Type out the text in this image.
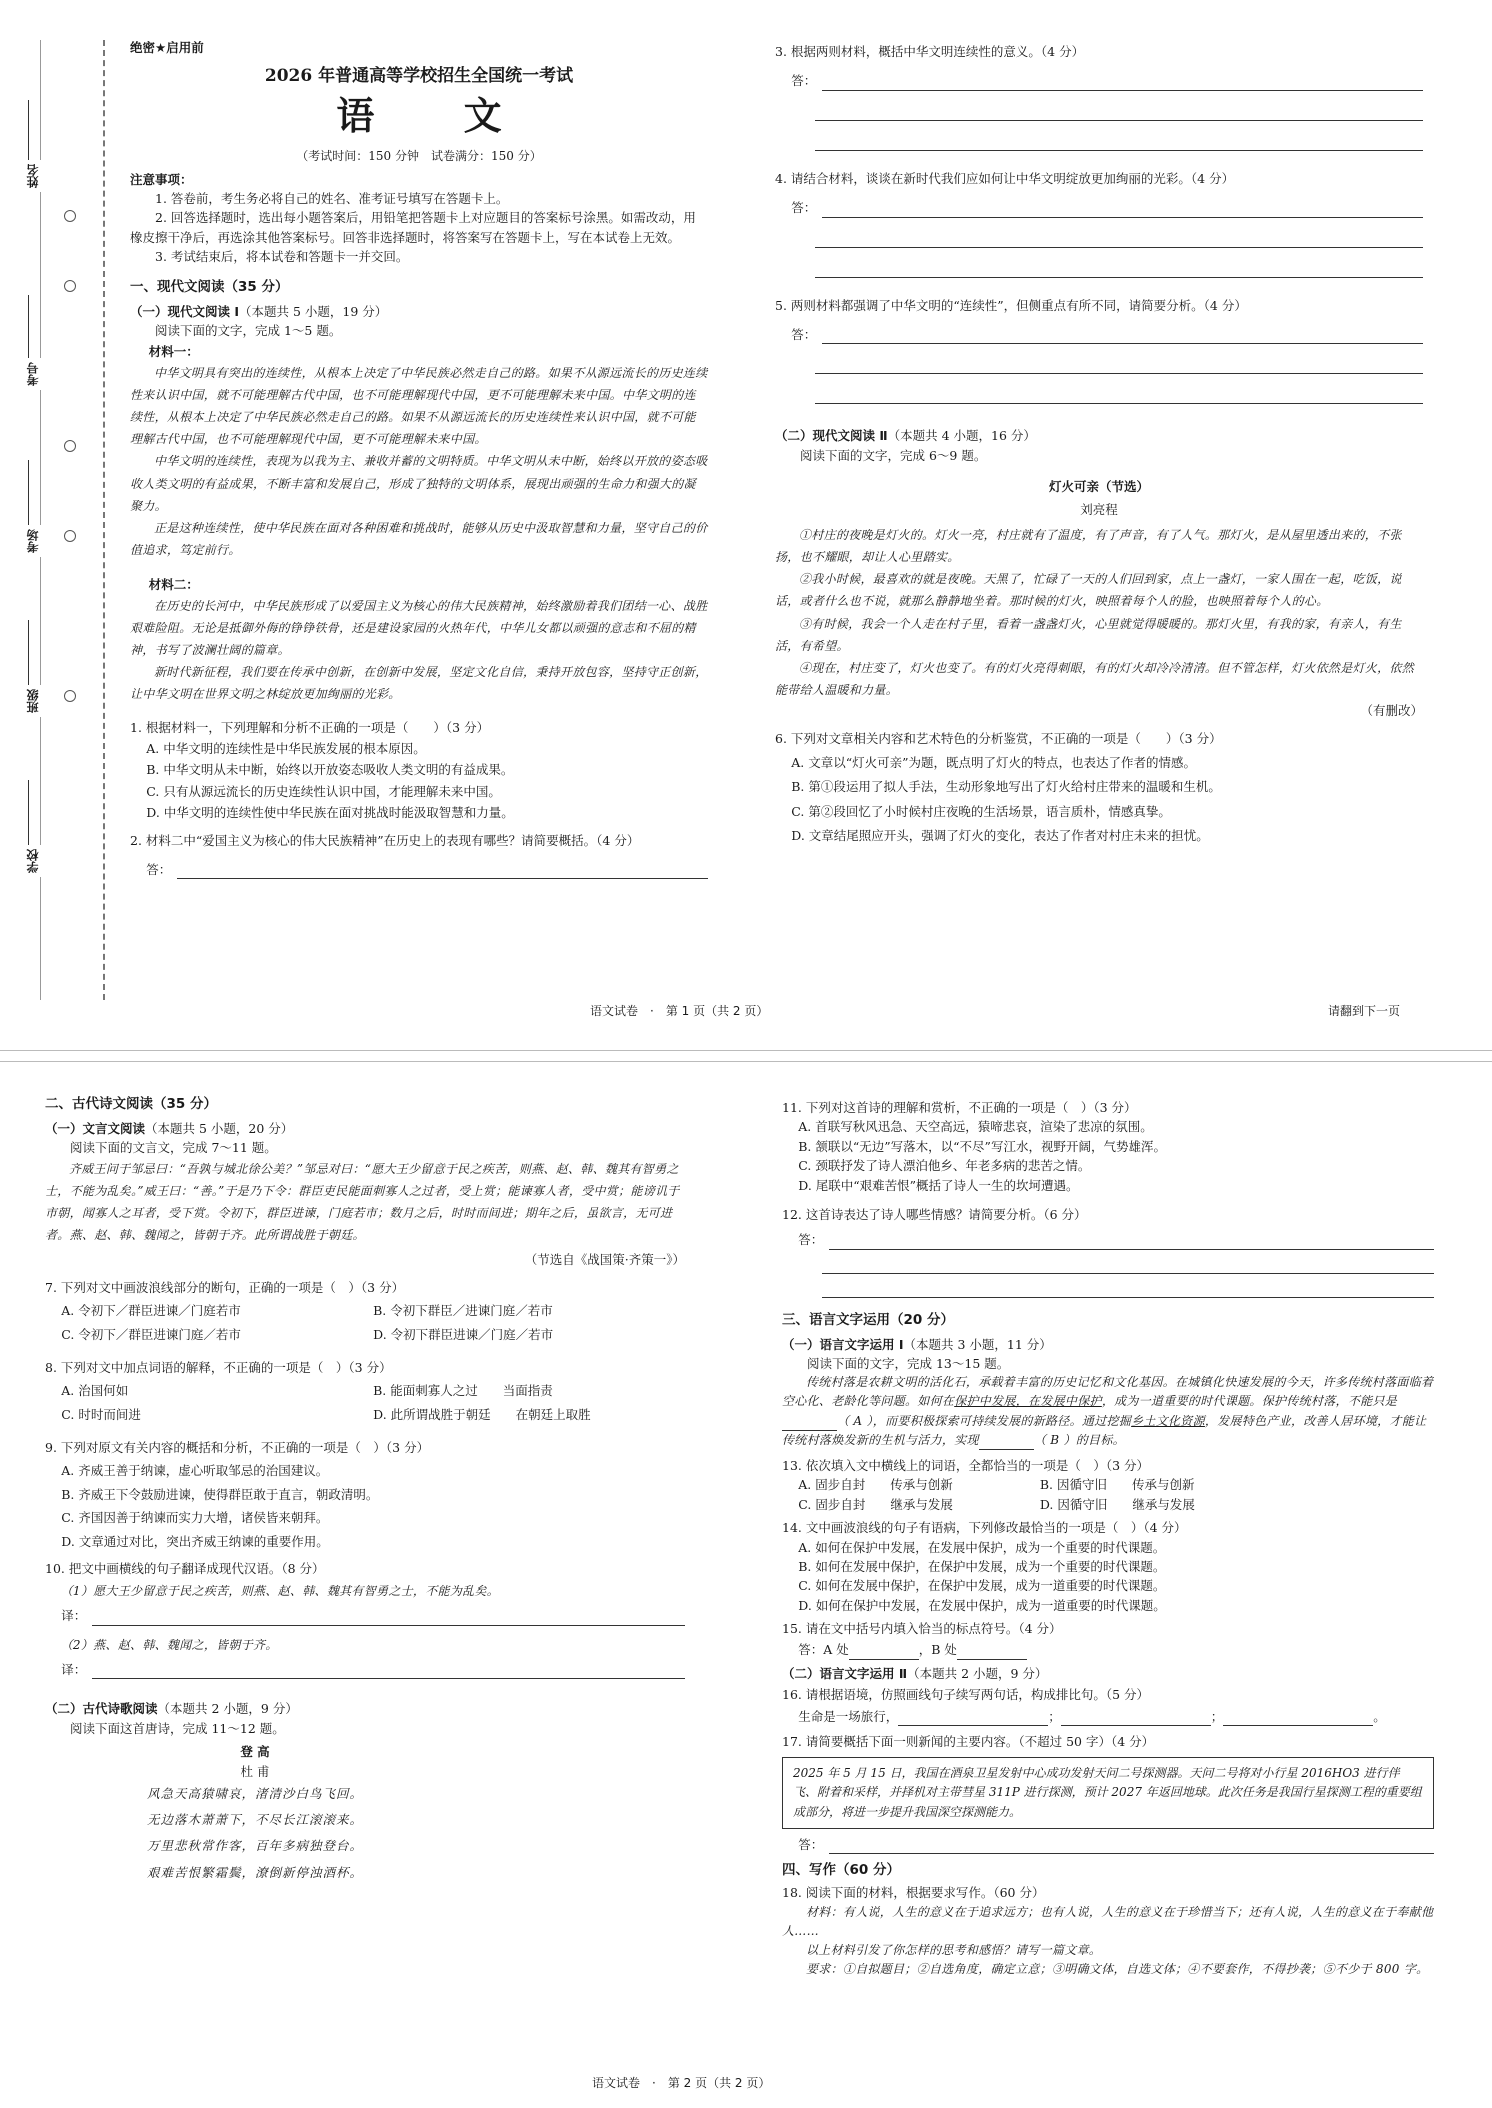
姓名
考号
考场
班级
学校
绝密★启用前
2026 年普通高等学校招生全国统一考试
语 文
（考试时间：150 分钟　试卷满分：150 分）
注意事项：
1. 答卷前，考生务必将自己的姓名、准考证号填写在答题卡上。
2. 回答选择题时，选出每小题答案后，用铅笔把答题卡上对应题目的答案标号涂黑。如需改动，用橡皮擦干净后，再选涂其他答案标号。回答非选择题时，将答案写在答题卡上，写在本试卷上无效。
3. 考试结束后，将本试卷和答题卡一并交回。
一、现代文阅读（35 分）
（一）现代文阅读 Ⅰ（本题共 5 小题，19 分）
阅读下面的文字，完成 1～5 题。
材料一：
中华文明具有突出的连续性，从根本上决定了中华民族必然走自己的路。如果不从源远流长的历史连续性来认识中国，就不可能理解古代中国，也不可能理解现代中国，更不可能理解未来中国。中华文明的连续性，从根本上决定了中华民族必然走自己的路。如果不从源远流长的历史连续性来认识中国，就不可能理解古代中国，也不可能理解现代中国，更不可能理解未来中国。
中华文明的连续性，表现为以我为主、兼收并蓄的文明特质。中华文明从未中断，始终以开放的姿态吸收人类文明的有益成果，不断丰富和发展自己，形成了独特的文明体系，展现出顽强的生命力和强大的凝聚力。
正是这种连续性，使中华民族在面对各种困难和挑战时，能够从历史中汲取智慧和力量，坚守自己的价值追求，笃定前行。
材料二：
在历史的长河中，中华民族形成了以爱国主义为核心的伟大民族精神，始终激励着我们团结一心、战胜艰难险阻。无论是抵御外侮的铮铮铁骨，还是建设家园的火热年代，中华儿女都以顽强的意志和不屈的精神，书写了波澜壮阔的篇章。
新时代新征程，我们要在传承中创新，在创新中发展，坚定文化自信，秉持开放包容，坚持守正创新，让中华文明在世界文明之林绽放更加绚丽的光彩。
1. 根据材料一，下列理解和分析不正确的一项是（　　）（3 分）
A. 中华文明的连续性是中华民族发展的根本原因。
B. 中华文明从未中断，始终以开放姿态吸收人类文明的有益成果。
C. 只有从源远流长的历史连续性认识中国，才能理解未来中国。
D. 中华文明的连续性使中华民族在面对挑战时能汲取智慧和力量。
2. 材料二中“爱国主义为核心的伟大民族精神”在历史上的表现有哪些？请简要概括。（4 分）
答：
3. 根据两则材料，概括中华文明连续性的意义。（4 分）
答：
4. 请结合材料，谈谈在新时代我们应如何让中华文明绽放更加绚丽的光彩。（4 分）
答：
5. 两则材料都强调了中华文明的“连续性”，但侧重点有所不同，请简要分析。（4 分）
答：
（二）现代文阅读 Ⅱ（本题共 4 小题，16 分）
阅读下面的文字，完成 6～9 题。
灯火可亲（节选）
刘亮程
①村庄的夜晚是灯火的。灯火一亮，村庄就有了温度，有了声音，有了人气。那灯火，是从屋里透出来的，不张扬，也不耀眼，却让人心里踏实。
②我小时候，最喜欢的就是夜晚。天黑了，忙碌了一天的人们回到家，点上一盏灯，一家人围在一起，吃饭，说话，或者什么也不说，就那么静静地坐着。那时候的灯火，映照着每个人的脸，也映照着每个人的心。
③有时候，我会一个人走在村子里，看着一盏盏灯火，心里就觉得暖暖的。那灯火里，有我的家，有亲人，有生活，有希望。
④现在，村庄变了，灯火也变了。有的灯火亮得刺眼，有的灯火却冷冷清清。但不管怎样，灯火依然是灯火，依然能带给人温暖和力量。
（有删改）
6. 下列对文章相关内容和艺术特色的分析鉴赏，不正确的一项是（　　）（3 分）
A. 文章以“灯火可亲”为题，既点明了灯火的特点，也表达了作者的情感。
B. 第①段运用了拟人手法，生动形象地写出了灯火给村庄带来的温暖和生机。
C. 第②段回忆了小时候村庄夜晚的生活场景，语言质朴，情感真挚。
D. 文章结尾照应开头，强调了灯火的变化，表达了作者对村庄未来的担忧。
语文试卷　·　第 1 页（共 2 页）	请翻到下一页
二、古代诗文阅读（35 分）
（一）文言文阅读（本题共 5 小题，20 分）
阅读下面的文言文，完成 7～11 题。
齐威王问于邹忌曰：“吾孰与城北徐公美？”邹忌对曰：“愿大王少留意于民之疾苦，则燕、赵、韩、魏其有智勇之士，不能为乱矣。”威王曰：“善。”于是乃下令：群臣吏民能面刺寡人之过者，受上赏；能谏寡人者，受中赏；能谤讥于市朝，闻寡人之耳者，受下赏。令初下，群臣进谏，门庭若市；数月之后，时时而间进；期年之后，虽欲言，无可进者。燕、赵、韩、魏闻之，皆朝于齐。此所谓战胜于朝廷。
（节选自《战国策·齐策一》）
7. 下列对文中画波浪线部分的断句，正确的一项是（　）（3 分）
A. 令初下／群臣进谏／门庭若市	B. 令初下群臣／进谏门庭／若市
C. 令初下／群臣进谏门庭／若市	D. 令初下群臣进谏／门庭／若市
8. 下列对文中加点词语的解释，不正确的一项是（　）（3 分）
A. 治国何如	B. 能面刺寡人之过　　当面指责
C. 时时而间进	D. 此所谓战胜于朝廷　　在朝廷上取胜
9. 下列对原文有关内容的概括和分析，不正确的一项是（　）（3 分）
A. 齐威王善于纳谏，虚心听取邹忌的治国建议。
B. 齐威王下令鼓励进谏，使得群臣敢于直言，朝政清明。
C. 齐国因善于纳谏而实力大增，诸侯皆来朝拜。
D. 文章通过对比，突出齐威王纳谏的重要作用。
10. 把文中画横线的句子翻译成现代汉语。（8 分）
（1）愿大王少留意于民之疾苦，则燕、赵、韩、魏其有智勇之士，不能为乱矣。
译：
（2）燕、赵、韩、魏闻之，皆朝于齐。
译：
（二）古代诗歌阅读（本题共 2 小题，9 分）
阅读下面这首唐诗，完成 11～12 题。
登 高
杜 甫
风急天高猿啸哀，渚清沙白鸟飞回。
无边落木萧萧下，不尽长江滚滚来。
万里悲秋常作客，百年多病独登台。
艰难苦恨繁霜鬓，潦倒新停浊酒杯。
11. 下列对这首诗的理解和赏析，不正确的一项是（　）（3 分）
A. 首联写秋风迅急、天空高远，猿啼悲哀，渲染了悲凉的氛围。
B. 颔联以“无边”写落木，以“不尽”写江水，视野开阔，气势雄浑。
C. 颈联抒发了诗人漂泊他乡、年老多病的悲苦之情。
D. 尾联中“艰难苦恨”概括了诗人一生的坎坷遭遇。
12. 这首诗表达了诗人哪些情感？请简要分析。（6 分）
答：
三、语言文字运用（20 分）
（一）语言文字运用 Ⅰ（本题共 3 小题，11 分）
阅读下面的文字，完成 13～15 题。
传统村落是农耕文明的活化石，承载着丰富的历史记忆和文化基因。在城镇化快速发展的今天，许多传统村落面临着空心化、老龄化等问题。如何在保护中发展，在发展中保护，成为一道重要的时代课题。保护传统村落，不能只是（ A ），而要积极探索可持续发展的新路径。通过挖掘乡土文化资源，发展特色产业，改善人居环境，才能让传统村落焕发新的生机与活力，实现	（ B ）的目标。
13. 依次填入文中横线上的词语，全都恰当的一项是（　）（3 分）
A. 固步自封　　传承与创新	B. 因循守旧　　传承与创新
C. 固步自封　　继承与发展	D. 因循守旧　　继承与发展
14. 文中画波浪线的句子有语病，下列修改最恰当的一项是（　）（4 分）
A. 如何在保护中发展，在发展中保护，成为一个重要的时代课题。
B. 如何在发展中保护，在保护中发展，成为一个重要的时代课题。
C. 如何在发展中保护，在保护中发展，成为一道重要的时代课题。
D. 如何在保护中发展，在发展中保护，成为一道重要的时代课题。
15. 请在文中括号内填入恰当的标点符号。（4 分）
答：A 处	，B 处
（二）语言文字运用 Ⅱ（本题共 2 小题，9 分）
16. 请根据语境，仿照画线句子续写两句话，构成排比句。（5 分）
生命是一场旅行，	；	；	。
17. 请简要概括下面一则新闻的主要内容。（不超过 50 字）（4 分）
2025 年 5 月 15 日，我国在酒泉卫星发射中心成功发射天问二号探测器。天问二号将对小行星 2016HO3 进行伴飞、附着和采样，并择机对主带彗星 311P 进行探测，预计 2027 年返回地球。此次任务是我国行星探测工程的重要组成部分，将进一步提升我国深空探测能力。
答：
四、写作（60 分）
18. 阅读下面的材料，根据要求写作。（60 分）
材料：有人说，人生的意义在于追求远方；也有人说，人生的意义在于珍惜当下；还有人说，人生的意义在于奉献他人……
以上材料引发了你怎样的思考和感悟？请写一篇文章。
要求：①自拟题目；②自选角度，确定立意；③明确文体，自选文体；④不要套作，不得抄袭；⑤不少于 800 字。
语文试卷　·　第 2 页（共 2 页）
